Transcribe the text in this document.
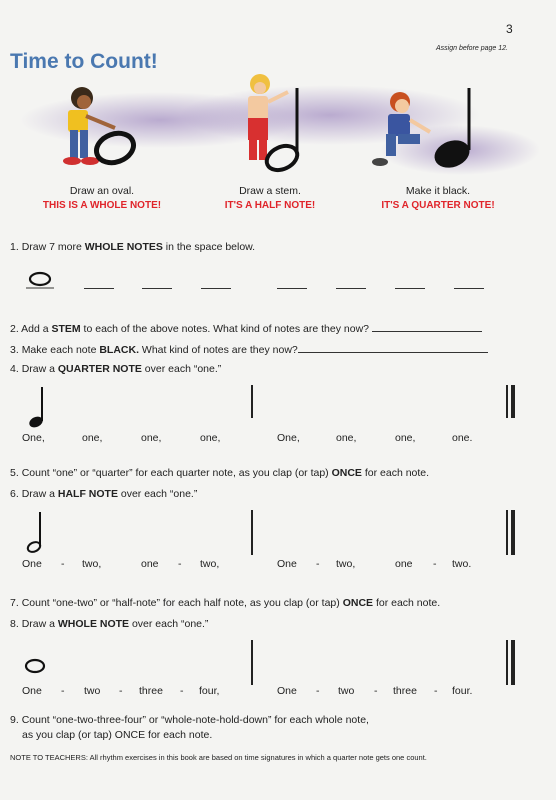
3
Assign before page 12.
Time to Count!
Draw an oval.
THIS IS A WHOLE NOTE!
Draw a stem.
IT'S A HALF NOTE!
Make it black.
IT'S A QUARTER NOTE!
1. Draw 7 more WHOLE NOTES in the space below.
2. Add a STEM to each of the above notes. What kind of notes are they now?
3. Make each note BLACK. What kind of notes are they now?
4. Draw a QUARTER NOTE over each “one.”
One,	one,	one,	one,	One,	one,	one,	one.
5. Count “one” or “quarter” for each quarter note, as you clap (or tap) ONCE for each note.
6. Draw a HALF NOTE over each “one.”
One - two,	one - two,	One - two,	one - two.
7. Count “one-two” or “half-note” for each half note, as you clap (or tap) ONCE for each note.
8. Draw a WHOLE NOTE over each “one.”
One - two - three - four,	One - two - three - four.
9. Count “one-two-three-four” or “whole-note-hold-down” for each whole note,
as you clap (or tap) ONCE for each note.
NOTE TO TEACHERS: All rhythm exercises in this book are based on time signatures in which a quarter note gets one count.
